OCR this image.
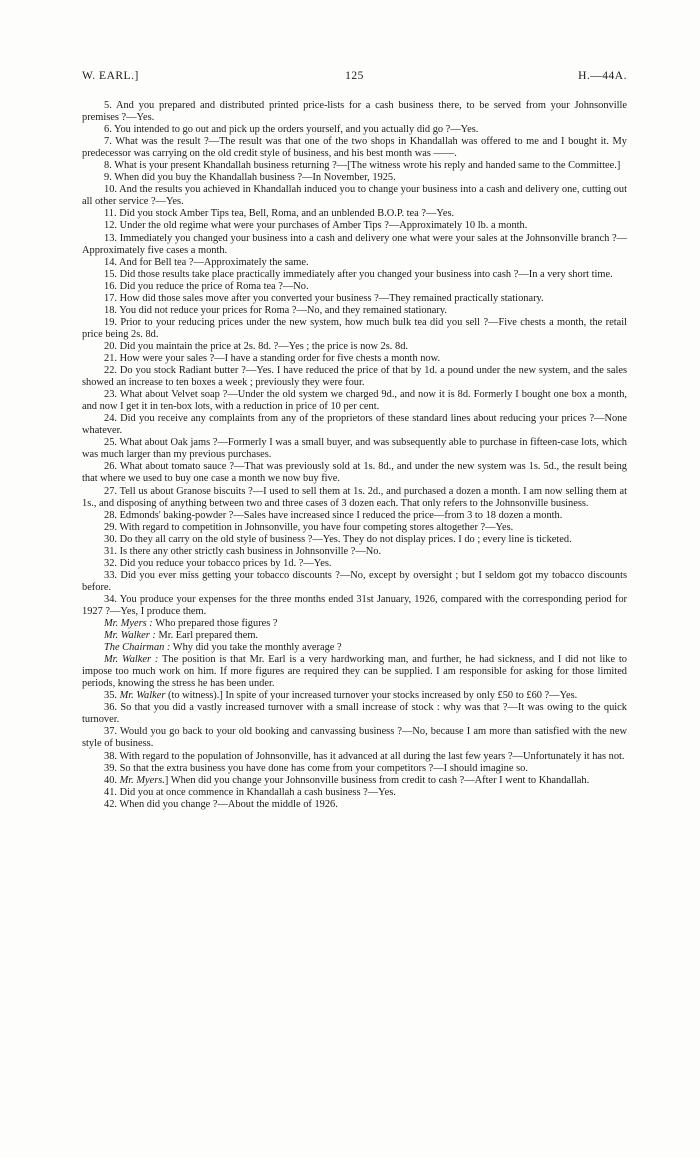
W. EARL.]	125	H.—44A.

5. And you prepared and distributed printed price-lists for a cash business there, to be served from your Johnsonville premises ?—Yes.

6. You intended to go out and pick up the orders yourself, and you actually did go ?—Yes.

7. What was the result ?—The result was that one of the two shops in Khandallah was offered to me and I bought it. My predecessor was carrying on the old credit style of business, and his best month was ——.

8. What is your present Khandallah business returning ?—[The witness wrote his reply and handed same to the Committee.]

9. When did you buy the Khandallah business ?—In November, 1925.

10. And the results you achieved in Khandallah induced you to change your business into a cash and delivery one, cutting out all other service ?—Yes.

11. Did you stock Amber Tips tea, Bell, Roma, and an unblended B.O.P. tea ?—Yes.

12. Under the old regime what were your purchases of Amber Tips ?—Approximately 10 lb. a month.

13. Immediately you changed your business into a cash and delivery one what were your sales at the Johnsonville branch ?—Approximately five cases a month.

14. And for Bell tea ?—Approximately the same.

15. Did those results take place practically immediately after you changed your business into cash ?—In a very short time.

16. Did you reduce the price of Roma tea ?—No.

17. How did those sales move after you converted your business ?—They remained practically stationary.

18. You did not reduce your prices for Roma ?—No, and they remained stationary.

19. Prior to your reducing prices under the new system, how much bulk tea did you sell ?—Five chests a month, the retail price being 2s. 8d.

20. Did you maintain the price at 2s. 8d. ?—Yes ; the price is now 2s. 8d.

21. How were your sales ?—I have a standing order for five chests a month now.

22. Do you stock Radiant butter ?—Yes. I have reduced the price of that by 1d. a pound under the new system, and the sales showed an increase to ten boxes a week ; previously they were four.

23. What about Velvet soap ?—Under the old system we charged 9d., and now it is 8d. Formerly I bought one box a month, and now I get it in ten-box lots, with a reduction in price of 10 per cent.

24. Did you receive any complaints from any of the proprietors of these standard lines about reducing your prices ?—None whatever.

25. What about Oak jams ?—Formerly I was a small buyer, and was subsequently able to purchase in fifteen-case lots, which was much larger than my previous purchases.

26. What about tomato sauce ?—That was previously sold at 1s. 8d., and under the new system was 1s. 5d., the result being that where we used to buy one case a month we now buy five.

27. Tell us about Granose biscuits ?—I used to sell them at 1s. 2d., and purchased a dozen a month. I am now selling them at 1s., and disposing of anything between two and three cases of 3 dozen each. That only refers to the Johnsonville business.

28. Edmonds' baking-powder ?—Sales have increased since I reduced the price—from 3 to 18 dozen a month.

29. With regard to competition in Johnsonville, you have four competing stores altogether ?—Yes.

30. Do they all carry on the old style of business ?—Yes. They do not display prices. I do ; every line is ticketed.

31. Is there any other strictly cash business in Johnsonville ?—No.

32. Did you reduce your tobacco prices by 1d. ?—Yes.

33. Did you ever miss getting your tobacco discounts ?—No, except by oversight ; but I seldom got my tobacco discounts before.

34. You produce your expenses for the three months ended 31st January, 1926, compared with the corresponding period for 1927 ?—Yes, I produce them.

Mr. Myers : Who prepared those figures ?

Mr. Walker : Mr. Earl prepared them.

The Chairman : Why did you take the monthly average ?

Mr. Walker : The position is that Mr. Earl is a very hardworking man, and further, he had sickness, and I did not like to impose too much work on him. If more figures are required they can be supplied. I am responsible for asking for those limited periods, knowing the stress he has been under.

35. Mr. Walker (to witness).] In spite of your increased turnover your stocks increased by only £50 to £60 ?—Yes.

36. So that you did a vastly increased turnover with a small increase of stock : why was that ?—It was owing to the quick turnover.

37. Would you go back to your old booking and canvassing business ?—No, because I am more than satisfied with the new style of business.

38. With regard to the population of Johnsonville, has it advanced at all during the last few years ?—Unfortunately it has not.

39. So that the extra business you have done has come from your competitors ?—I should imagine so.

40. Mr. Myers.] When did you change your Johnsonville business from credit to cash ?—After I went to Khandallah.

41. Did you at once commence in Khandallah a cash business ?—Yes.

42. When did you change ?—About the middle of 1926.
